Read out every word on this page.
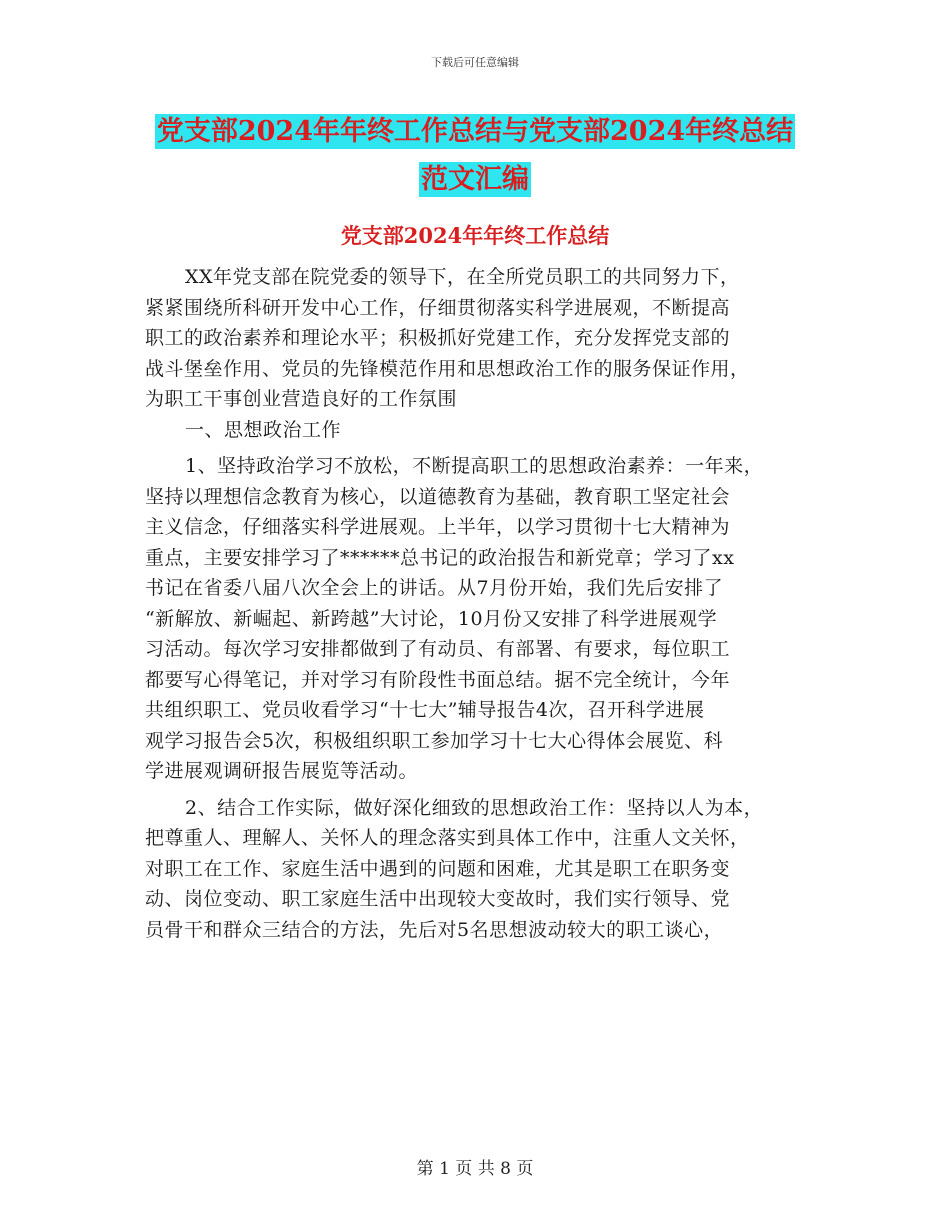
下载后可任意编辑
党支部2024年年终工作总结与党支部2024年终总结
范文汇编
党支部2024年年终工作总结

XX年党支部在院党委的领导下，在全所党员职工的共同努力下，
紧紧围绕所科研开发中心工作，仔细贯彻落实科学进展观，不断提高
职工的政治素养和理论水平；积极抓好党建工作，充分发挥党支部的
战斗堡垒作用、党员的先锋模范作用和思想政治工作的服务保证作用，
为职工干事创业营造良好的工作氛围

一、思想政治工作

1、坚持政治学习不放松，不断提高职工的思想政治素养：一年来，
坚持以理想信念教育为核心，以道德教育为基础，教育职工坚定社会
主义信念，仔细落实科学进展观。上半年，以学习贯彻十七大精神为
重点，主要安排学习了******总书记的政治报告和新党章；学习了xx
书记在省委八届八次全会上的讲话。从7月份开始，我们先后安排了
“新解放、新崛起、新跨越”大讨论，10月份又安排了科学进展观学
习活动。每次学习安排都做到了有动员、有部署、有要求，每位职工
都要写心得笔记，并对学习有阶段性书面总结。据不完全统计，今年
共组织职工、党员收看学习“十七大”辅导报告4次，召开科学进展
观学习报告会5次，积极组织职工参加学习十七大心得体会展览、科
学进展观调研报告展览等活动。

2、结合工作实际，做好深化细致的思想政治工作：坚持以人为本，
把尊重人、理解人、关怀人的理念落实到具体工作中，注重人文关怀，
对职工在工作、家庭生活中遇到的问题和困难，尤其是职工在职务变
动、岗位变动、职工家庭生活中出现较大变故时，我们实行领导、党
员骨干和群众三结合的方法，先后对5名思想波动较大的职工谈心，

第 1 页 共 8 页
